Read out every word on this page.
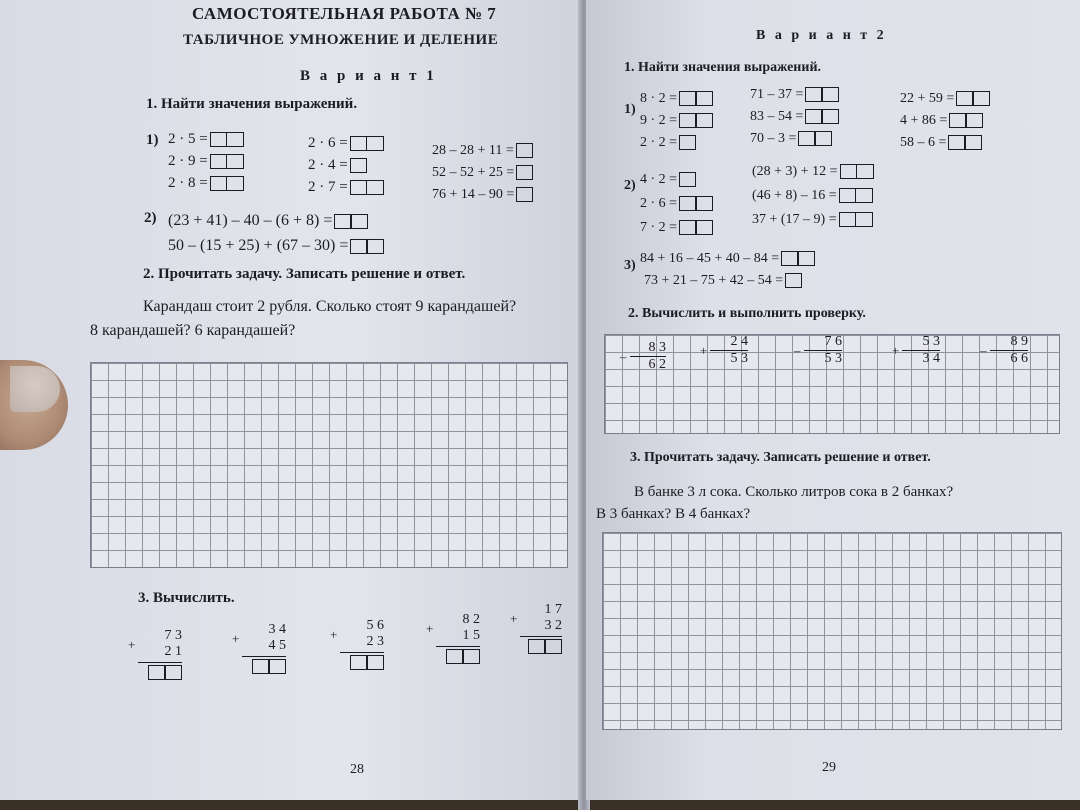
САМОСТОЯТЕЛЬНАЯ РАБОТА № 7
ТАБЛИЧНОЕ УМНОЖЕНИЕ И ДЕЛЕНИЕ
В а р и а н т 1
1. Найти значения выражений.
1) 2 · 5 =
2 · 9 =
2 · 8 =
2 · 6 =
2 · 4 =
2 · 7 =
28 – 28 + 11 =
52 – 52 + 25 =
76 + 14 – 90 =
2) (23 + 41) – 40 – (6 + 8) =
50 – (15 + 25) + (67 – 30) =
2. Прочитать задачу. Записать решение и ответ.
Карандаш стоит 2 рубля. Сколько стоят 9 карандашей?
8 карандашей? 6 карандашей?
3. Вычислить.
+
7 3
2 1
+
3 4
4 5
+
5 6
2 3
+
8 2
1 5
+
1 7
3 2
28
В а р и а н т 2
1. Найти значения выражений.
1)
8 · 2 =
9 · 2 =
2 · 2 =
71 – 37 =
83 – 54 =
70 – 3 =
22 + 59 =
4 + 86 =
58 – 6 =
2) 4 · 2 =
2 · 6 =
7 · 2 =
(28 + 3) + 12 =
(46 + 8) – 16 =
37 + (17 – 9) =
3) 84 + 16 – 45 + 40 – 84 =
73 + 21 – 75 + 42 – 54 =
2. Вычислить и выполнить проверку.
–
8 3
6 2
+
2 4
5 3
–
7 6
5 3
+
5 3
3 4
–
8 9
6 6
3. Прочитать задачу. Записать решение и ответ.
В банке 3 л сока. Сколько литров сока в 2 банках?
В 3 банках? В 4 банках?
29
